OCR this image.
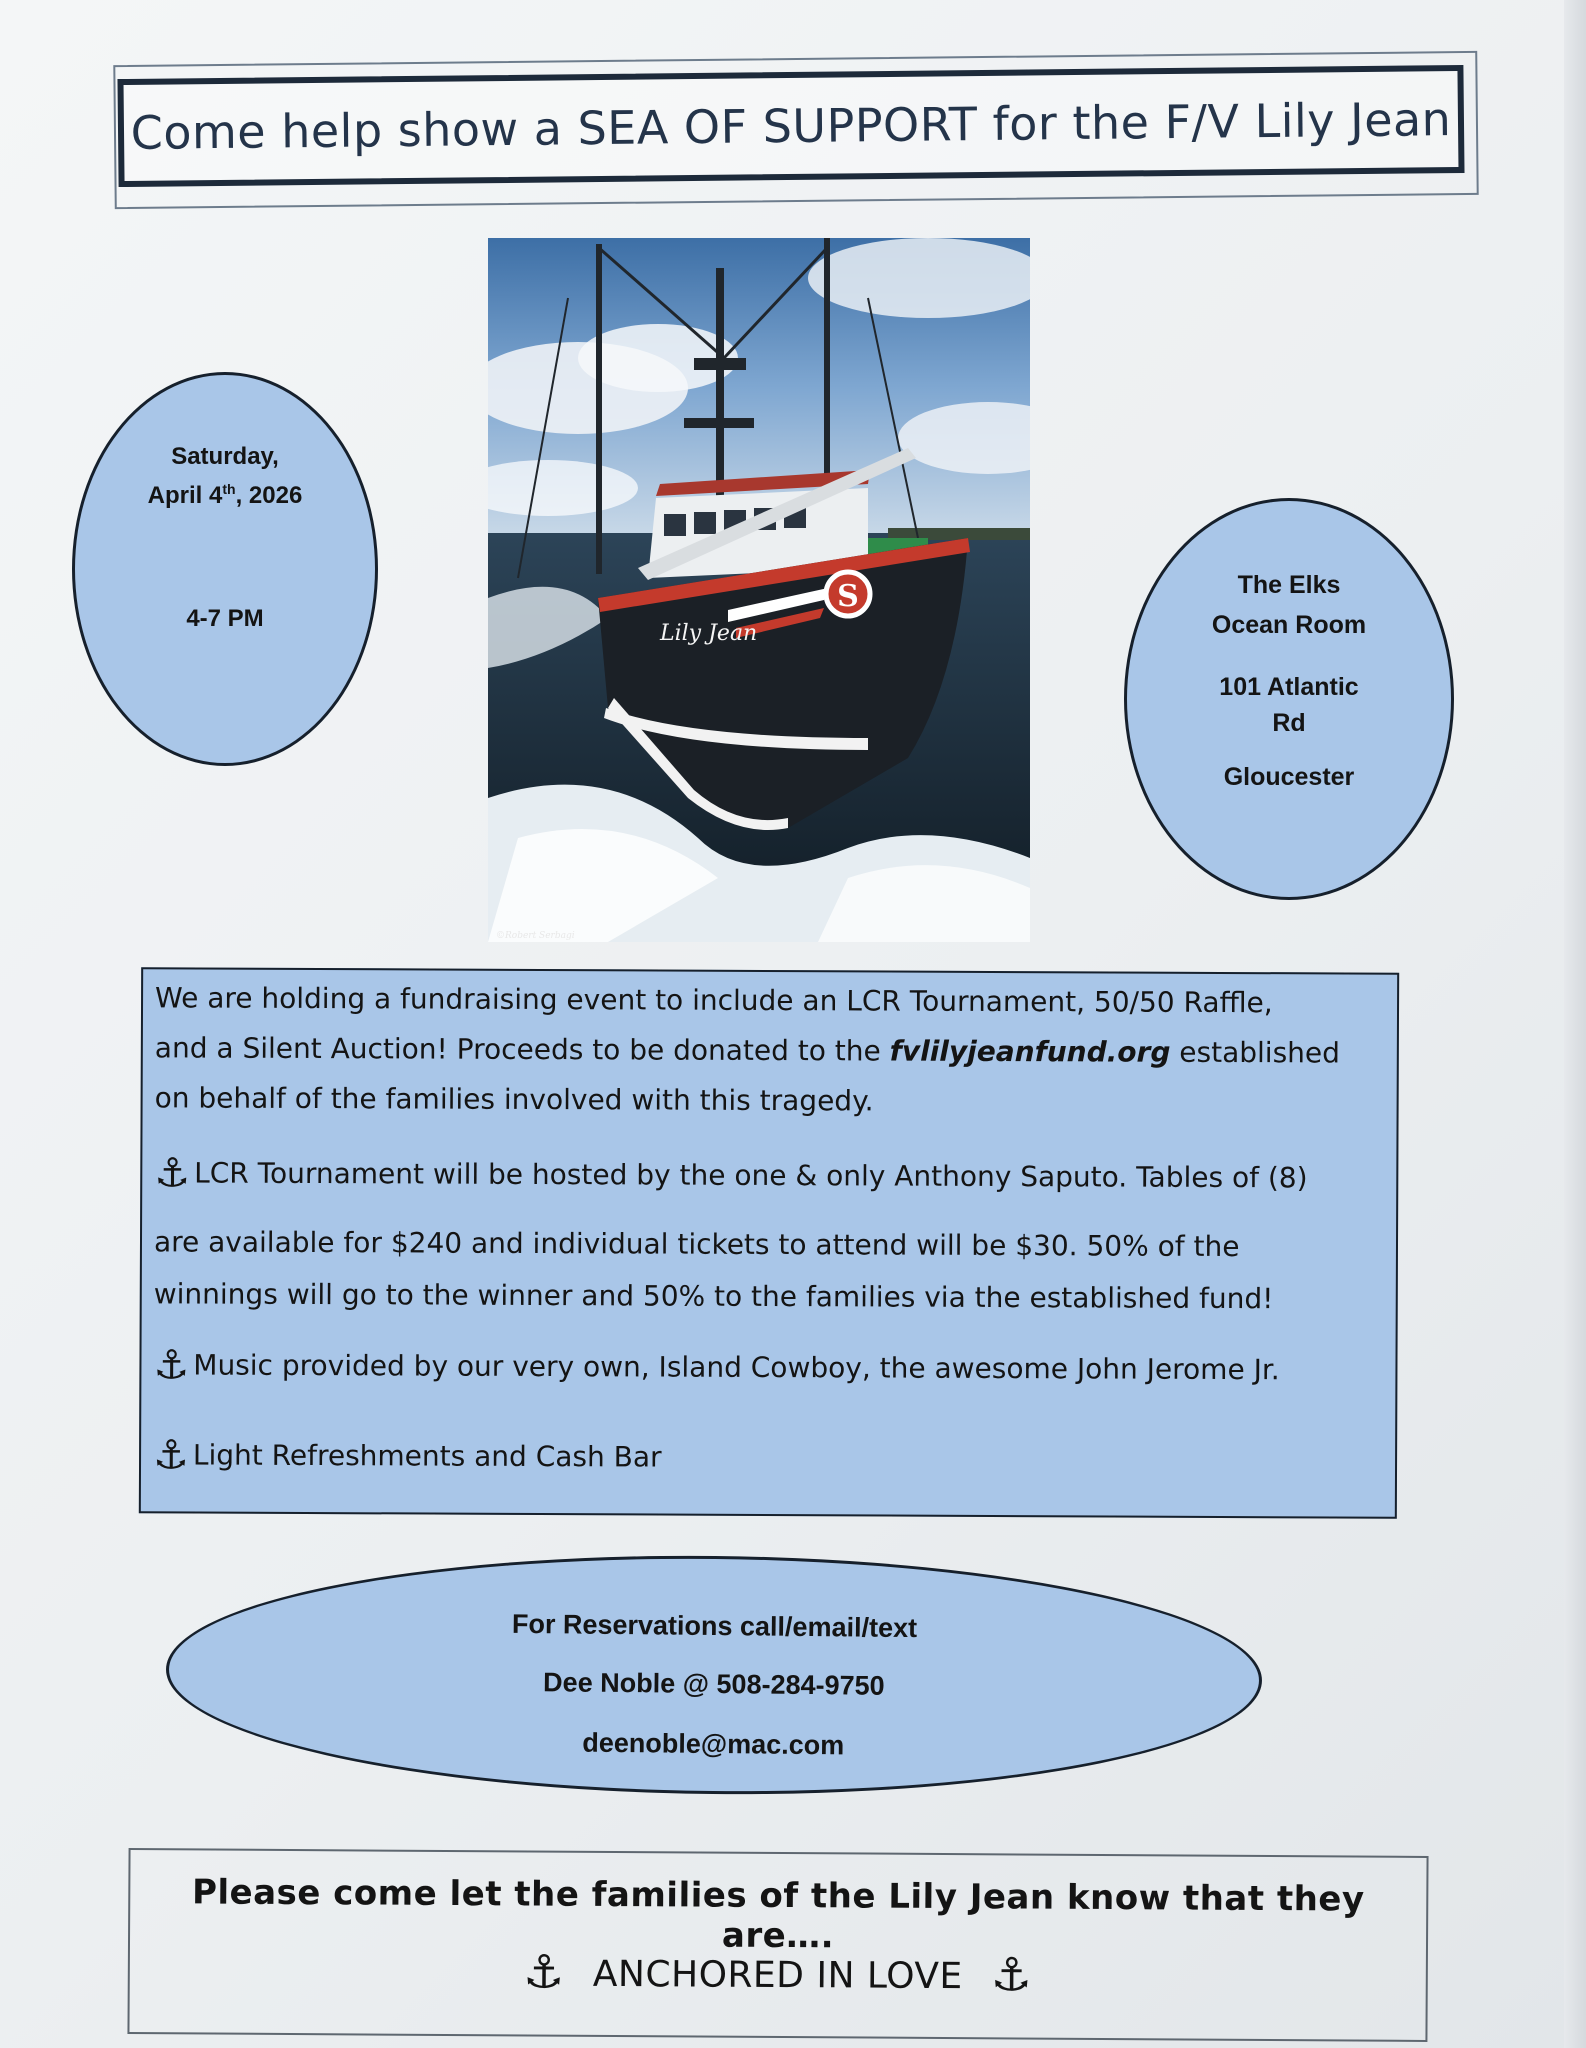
Come help show a SEA OF SUPPORT for the F/V Lily Jean
Saturday,
April 4th, 2026
4-7 PM
S
Lily Jean
©Robert Serbagi
The Elks
Ocean Room
101 Atlantic
Rd
Gloucester
We are holding a fundraising event to include an LCR Tournament, 50/50 Raffle,
and a Silent Auction! Proceeds to be donated to the fvlilyjeanfund.org established
on behalf of the families involved with this tragedy.
⚓ LCR Tournament will be hosted by the one & only Anthony Saputo. Tables of (8)
are available for $240 and individual tickets to attend will be $30. 50% of the
winnings will go to the winner and 50% to the families via the established fund!
⚓ Music provided by our very own, Island Cowboy, the awesome John Jerome Jr.
⚓ Light Refreshments and Cash Bar
For Reservations call/email/text
Dee Noble @ 508-284-9750
deenoble@mac.com
Please come let the families of the Lily Jean know that they are….
⚓ ANCHORED IN LOVE ⚓
